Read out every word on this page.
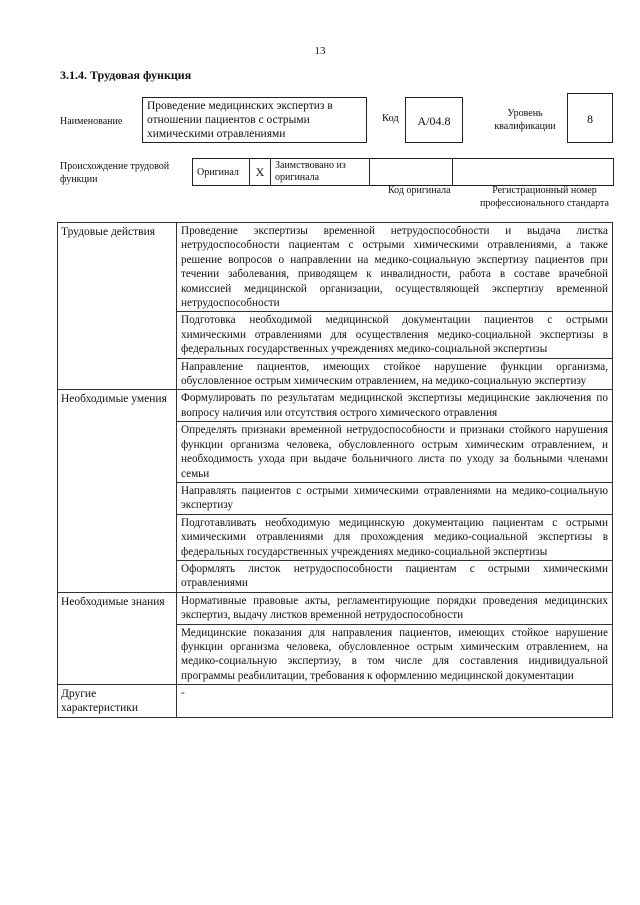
13
3.1.4. Трудовая функция
Наименование
Проведение медицинских экспертиз в отношении пациентов с острыми химическими отравлениями
Код	А/04.8
Уровень квалификации
8
Происхождение трудовой функции
Оригинал	X	Заимствовано из оригинала		
Код оригинала	Регистрационный номер профессионального стандарта
Трудовые действия	Проведение экспертизы временной нетрудоспособности и выдача листка нетрудоспособности пациентам с острыми химическими отравлениями, а также решение вопросов о направлении на медико-социальную экспертизу пациентов при течении заболевания, приводящем к инвалидности, работа в составе врачебной комиссией медицинской организации, осуществляющей экспертизу временной нетрудоспособности
	Подготовка необходимой медицинской документации пациентов с острыми химическими отравлениями для осуществления медико-социальной экспертизы в федеральных государственных учреждениях медико-социальной экспертизы
	Направление пациентов, имеющих стойкое нарушение функции организма, обусловленное острым химическим отравлением, на медико-социальную экспертизу
Необходимые умения	Формулировать по результатам медицинской экспертизы медицинские заключения по вопросу наличия или отсутствия острого химического отравления
	Определять признаки временной нетрудоспособности и признаки стойкого нарушения функции организма человека, обусловленного острым химическим отравлением, и необходимость ухода при выдаче больничного листа по уходу за больными членами семьи
	Направлять пациентов с острыми химическими отравлениями на медико-социальную экспертизу
	Подготавливать необходимую медицинскую документацию пациентам с острыми химическими отравлениями для прохождения медико-социальной экспертизы в федеральных государственных учреждениях медико-социальной экспертизы
	Оформлять листок нетрудоспособности пациентам с острыми химическими отравлениями
Необходимые знания	Нормативные правовые акты, регламентирующие порядки проведения медицинских экспертиз, выдачу листков временной нетрудоспособности
	Медицинские показания для направления пациентов, имеющих стойкое нарушение функции организма человека, обусловленное острым химическим отравлением, на медико-социальную экспертизу, в том числе для составления индивидуальной программы реабилитации, требования к оформлению медицинской документации
Другие характеристики	-
